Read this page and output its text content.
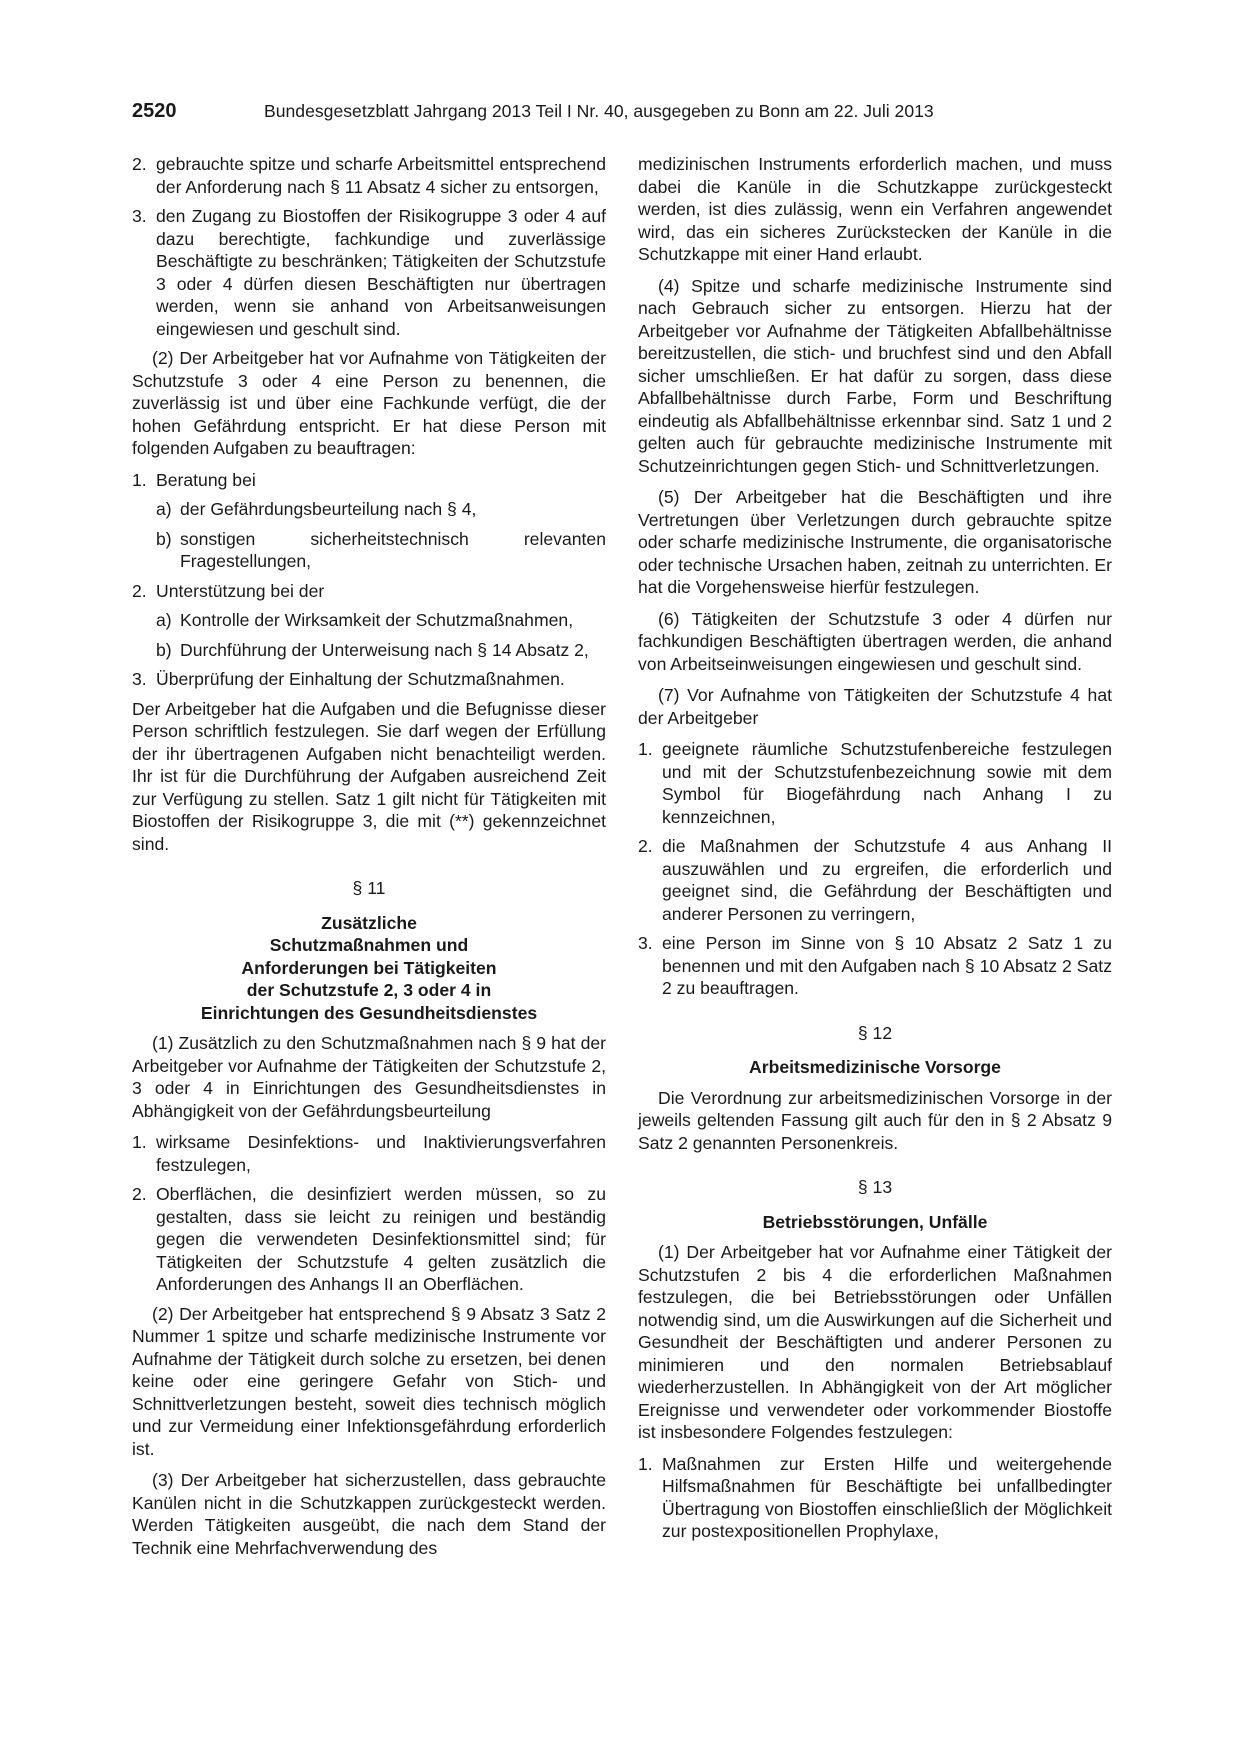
2520	Bundesgesetzblatt Jahrgang 2013 Teil I Nr. 40, ausgegeben zu Bonn am 22. Juli 2013
2. gebrauchte spitze und scharfe Arbeitsmittel entsprechend der Anforderung nach § 11 Absatz 4 sicher zu entsorgen,
3. den Zugang zu Biostoffen der Risikogruppe 3 oder 4 auf dazu berechtigte, fachkundige und zuverlässige Beschäftigte zu beschränken; Tätigkeiten der Schutzstufe 3 oder 4 dürfen diesen Beschäftigten nur übertragen werden, wenn sie anhand von Arbeitsanweisungen eingewiesen und geschult sind.

(2) Der Arbeitgeber hat vor Aufnahme von Tätigkeiten der Schutzstufe 3 oder 4 eine Person zu benennen, die zuverlässig ist und über eine Fachkunde verfügt, die der hohen Gefährdung entspricht. Er hat diese Person mit folgenden Aufgaben zu beauftragen:

1. Beratung bei
a) der Gefährdungsbeurteilung nach § 4,
b) sonstigen sicherheitstechnisch relevanten Fragestellungen,
2. Unterstützung bei der
a) Kontrolle der Wirksamkeit der Schutzmaßnahmen,
b) Durchführung der Unterweisung nach § 14 Absatz 2,
3. Überprüfung der Einhaltung der Schutzmaßnahmen.

Der Arbeitgeber hat die Aufgaben und die Befugnisse dieser Person schriftlich festzulegen. Sie darf wegen der Erfüllung der ihr übertragenen Aufgaben nicht benachteiligt werden. Ihr ist für die Durchführung der Aufgaben ausreichend Zeit zur Verfügung zu stellen. Satz 1 gilt nicht für Tätigkeiten mit Biostoffen der Risikogruppe 3, die mit (**) gekennzeichnet sind.

§ 11
Zusätzliche
Schutzmaßnahmen und
Anforderungen bei Tätigkeiten
der Schutzstufe 2, 3 oder 4 in
Einrichtungen des Gesundheitsdienstes

(1) Zusätzlich zu den Schutzmaßnahmen nach § 9 hat der Arbeitgeber vor Aufnahme der Tätigkeiten der Schutzstufe 2, 3 oder 4 in Einrichtungen des Gesundheitsdienstes in Abhängigkeit von der Gefährdungsbeurteilung

1. wirksame Desinfektions- und Inaktivierungsverfahren festzulegen,
2. Oberflächen, die desinfiziert werden müssen, so zu gestalten, dass sie leicht zu reinigen und beständig gegen die verwendeten Desinfektionsmittel sind; für Tätigkeiten der Schutzstufe 4 gelten zusätzlich die Anforderungen des Anhangs II an Oberflächen.

(2) Der Arbeitgeber hat entsprechend § 9 Absatz 3 Satz 2 Nummer 1 spitze und scharfe medizinische Instrumente vor Aufnahme der Tätigkeit durch solche zu ersetzen, bei denen keine oder eine geringere Gefahr von Stich- und Schnittverletzungen besteht, soweit dies technisch möglich und zur Vermeidung einer Infektionsgefährdung erforderlich ist.

(3) Der Arbeitgeber hat sicherzustellen, dass gebrauchte Kanülen nicht in die Schutzkappen zurückgesteckt werden. Werden Tätigkeiten ausgeübt, die nach dem Stand der Technik eine Mehrfachverwendung des

medizinischen Instruments erforderlich machen, und muss dabei die Kanüle in die Schutzkappe zurückgesteckt werden, ist dies zulässig, wenn ein Verfahren angewendet wird, das ein sicheres Zurückstecken der Kanüle in die Schutzkappe mit einer Hand erlaubt.

(4) Spitze und scharfe medizinische Instrumente sind nach Gebrauch sicher zu entsorgen. Hierzu hat der Arbeitgeber vor Aufnahme der Tätigkeiten Abfallbehältnisse bereitzustellen, die stich- und bruchfest sind und den Abfall sicher umschließen. Er hat dafür zu sorgen, dass diese Abfallbehältnisse durch Farbe, Form und Beschriftung eindeutig als Abfallbehältnisse erkennbar sind. Satz 1 und 2 gelten auch für gebrauchte medizinische Instrumente mit Schutzeinrichtungen gegen Stich- und Schnittverletzungen.

(5) Der Arbeitgeber hat die Beschäftigten und ihre Vertretungen über Verletzungen durch gebrauchte spitze oder scharfe medizinische Instrumente, die organisatorische oder technische Ursachen haben, zeitnah zu unterrichten. Er hat die Vorgehensweise hierfür festzulegen.

(6) Tätigkeiten der Schutzstufe 3 oder 4 dürfen nur fachkundigen Beschäftigten übertragen werden, die anhand von Arbeitseinweisungen eingewiesen und geschult sind.

(7) Vor Aufnahme von Tätigkeiten der Schutzstufe 4 hat der Arbeitgeber

1. geeignete räumliche Schutzstufenbereiche festzulegen und mit der Schutzstufenbezeichnung sowie mit dem Symbol für Biogefährdung nach Anhang I zu kennzeichnen,
2. die Maßnahmen der Schutzstufe 4 aus Anhang II auszuwählen und zu ergreifen, die erforderlich und geeignet sind, die Gefährdung der Beschäftigten und anderer Personen zu verringern,
3. eine Person im Sinne von § 10 Absatz 2 Satz 1 zu benennen und mit den Aufgaben nach § 10 Absatz 2 Satz 2 zu beauftragen.
§ 12
Arbeitsmedizinische Vorsorge

Die Verordnung zur arbeitsmedizinischen Vorsorge in der jeweils geltenden Fassung gilt auch für den in § 2 Absatz 9 Satz 2 genannten Personenkreis.

§ 13
Betriebsstörungen, Unfälle

(1) Der Arbeitgeber hat vor Aufnahme einer Tätigkeit der Schutzstufen 2 bis 4 die erforderlichen Maßnahmen festzulegen, die bei Betriebsstörungen oder Unfällen notwendig sind, um die Auswirkungen auf die Sicherheit und Gesundheit der Beschäftigten und anderer Personen zu minimieren und den normalen Betriebsablauf wiederherzustellen. In Abhängigkeit von der Art möglicher Ereignisse und verwendeter oder vorkommender Biostoffe ist insbesondere Folgendes festzulegen:

1. Maßnahmen zur Ersten Hilfe und weitergehende Hilfsmaßnahmen für Beschäftigte bei unfallbedingter Übertragung von Biostoffen einschließlich der Möglichkeit zur postexpositionellen Prophylaxe,
